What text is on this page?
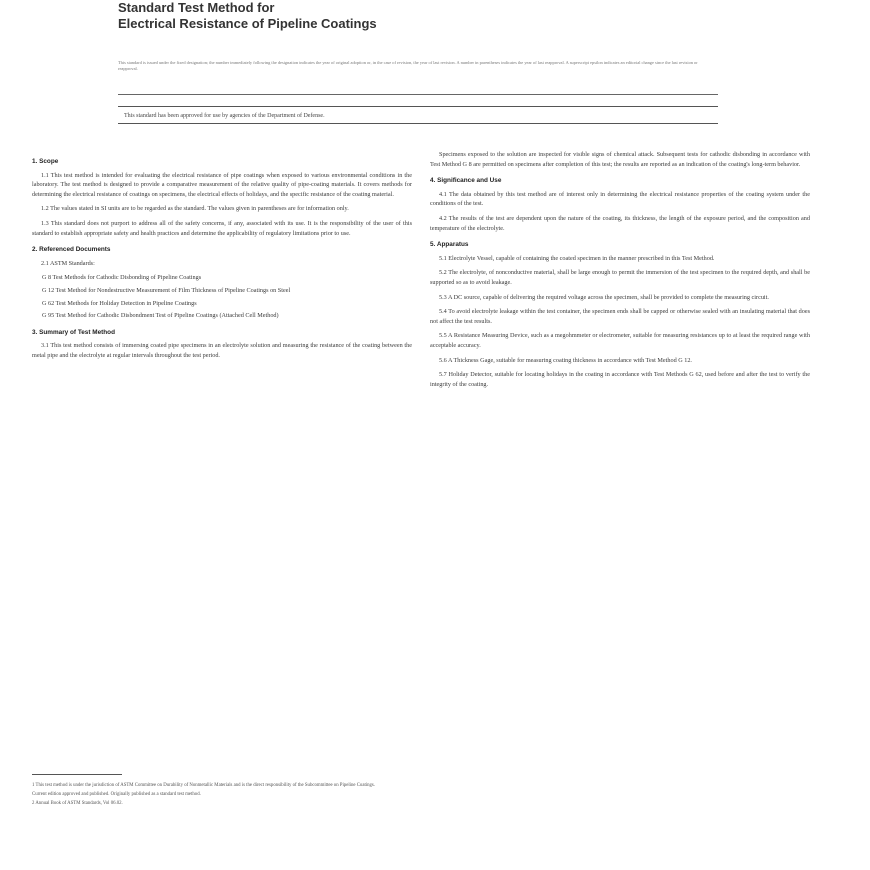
Standard Test Method for
Electrical Resistance of Pipeline Coatings
This standard is issued under the fixed designation; the number immediately following the designation indicates the year of original adoption or, in the case of revision, the year of last revision. A number in parentheses indicates the year of last reapproval. A superscript epsilon indicates an editorial change since the last revision or reapproval.
This standard has been approved for use by agencies of the Department of Defense.
1. Scope

1.1 This test method is intended for evaluating the electrical resistance of pipe coatings when exposed to various environmental conditions in the laboratory. The test method is designed to provide a comparative measurement of the relative quality of pipe-coating materials. It covers methods for determining the electrical resistance of coatings on specimens, the electrical effects of holidays, and the specific resistance of the coating material.

1.2 The values stated in SI units are to be regarded as the standard. The values given in parentheses are for information only.

1.3 This standard does not purport to address all of the safety concerns, if any, associated with its use. It is the responsibility of the user of this standard to establish appropriate safety and health practices and determine the applicability of regulatory limitations prior to use.

2. Referenced Documents

2.1 ASTM Standards:

G 8 Test Methods for Cathodic Disbonding of Pipeline Coatings
G 12 Test Method for Nondestructive Measurement of Film Thickness of Pipeline Coatings on Steel
G 62 Test Methods for Holiday Detection in Pipeline Coatings
G 95 Test Method for Cathodic Disbondment Test of Pipeline Coatings (Attached Cell Method)
3. Summary of Test Method

3.1 This test method consists of immersing coated pipe specimens in an electrolyte solution and measuring the resistance of the coating between the metal pipe and the electrolyte at regular intervals throughout the test period.

Specimens exposed to the solution are inspected for visible signs of chemical attack. Subsequent tests for cathodic disbonding in accordance with Test Method G 8 are permitted on specimens after completion of this test; the results are reported as an indication of the coating's long-term behavior.

4. Significance and Use

4.1 The data obtained by this test method are of interest only in determining the electrical resistance properties of the coating system under the conditions of the test.

4.2 The results of the test are dependent upon the nature of the coating, its thickness, the length of the exposure period, and the composition and temperature of the electrolyte.

5. Apparatus

5.1 Electrolyte Vessel, capable of containing the coated specimen in the manner prescribed in this Test Method.

5.2 The electrolyte, of nonconductive material, shall be large enough to permit the immersion of the test specimen to the required depth, and shall be supported so as to avoid leakage.

5.3 A DC source, capable of delivering the required voltage across the specimen, shall be provided to complete the measuring circuit.

5.4 To avoid electrolyte leakage within the test container, the specimen ends shall be capped or otherwise sealed with an insulating material that does not affect the test results.

5.5 A Resistance Measuring Device, such as a megohmmeter or electrometer, suitable for measuring resistances up to at least the required range with acceptable accuracy.

5.6 A Thickness Gage, suitable for measuring coating thickness in accordance with Test Method G 12.

5.7 Holiday Detector, suitable for locating holidays in the coating in accordance with Test Methods G 62, used before and after the test to verify the integrity of the coating.

1 This test method is under the jurisdiction of ASTM Committee on Durability of Nonmetallic Materials and is the direct responsibility of the Subcommittee on Pipeline Coatings.

Current edition approved and published. Originally published as a standard test method.

2 Annual Book of ASTM Standards, Vol 06.02.
